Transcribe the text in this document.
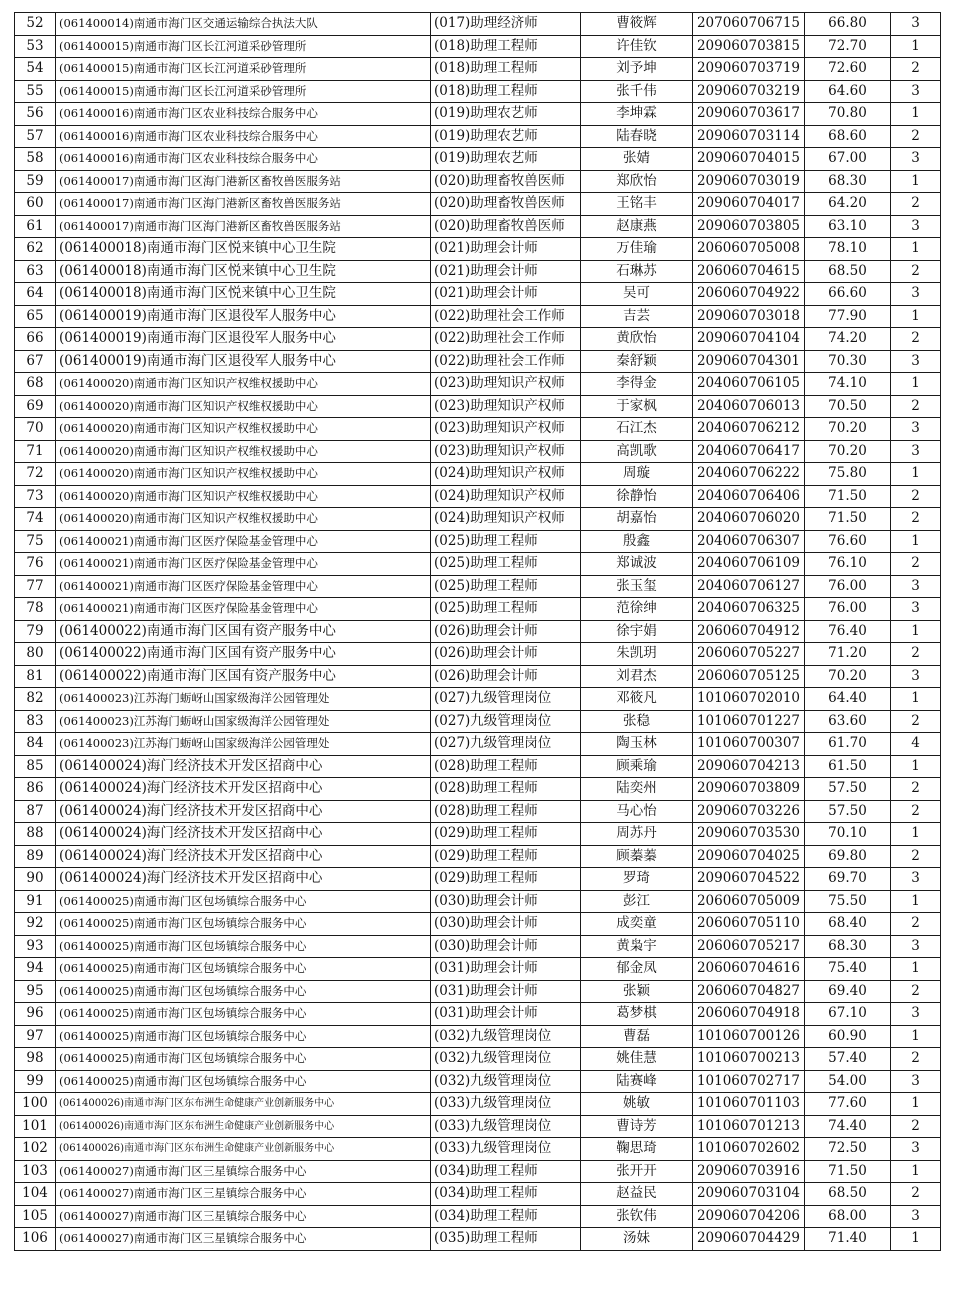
52	(061400014)南通市海门区交通运输综合执法大队	(017)助理经济师	曹筱辉	207060706715	66.80	3
53	(061400015)南通市海门区长江河道采砂管理所	(018)助理工程师	许佳钦	209060703815	72.70	1
54	(061400015)南通市海门区长江河道采砂管理所	(018)助理工程师	刘予坤	209060703719	72.60	2
55	(061400015)南通市海门区长江河道采砂管理所	(018)助理工程师	张千伟	209060703219	64.60	3
56	(061400016)南通市海门区农业科技综合服务中心	(019)助理农艺师	李坤霖	209060703617	70.80	1
57	(061400016)南通市海门区农业科技综合服务中心	(019)助理农艺师	陆春晓	209060703114	68.60	2
58	(061400016)南通市海门区农业科技综合服务中心	(019)助理农艺师	张婧	209060704015	67.00	3
59	(061400017)南通市海门区海门港新区畜牧兽医服务站	(020)助理畜牧兽医师	郑欣怡	209060703019	68.30	1
60	(061400017)南通市海门区海门港新区畜牧兽医服务站	(020)助理畜牧兽医师	王铭丰	209060704017	64.20	2
61	(061400017)南通市海门区海门港新区畜牧兽医服务站	(020)助理畜牧兽医师	赵康燕	209060703805	63.10	3
62	(061400018)南通市海门区悦来镇中心卫生院	(021)助理会计师	万佳瑜	206060705008	78.10	1
63	(061400018)南通市海门区悦来镇中心卫生院	(021)助理会计师	石琳苏	206060704615	68.50	2
64	(061400018)南通市海门区悦来镇中心卫生院	(021)助理会计师	吴可	206060704922	66.60	3
65	(061400019)南通市海门区退役军人服务中心	(022)助理社会工作师	吉芸	209060703018	77.90	1
66	(061400019)南通市海门区退役军人服务中心	(022)助理社会工作师	黄欣怡	209060704104	74.20	2
67	(061400019)南通市海门区退役军人服务中心	(022)助理社会工作师	秦舒颖	209060704301	70.30	3
68	(061400020)南通市海门区知识产权维权援助中心	(023)助理知识产权师	李得金	204060706105	74.10	1
69	(061400020)南通市海门区知识产权维权援助中心	(023)助理知识产权师	于家枫	204060706013	70.50	2
70	(061400020)南通市海门区知识产权维权援助中心	(023)助理知识产权师	石江杰	204060706212	70.20	3
71	(061400020)南通市海门区知识产权维权援助中心	(023)助理知识产权师	高凯歌	204060706417	70.20	3
72	(061400020)南通市海门区知识产权维权援助中心	(024)助理知识产权师	周璇	204060706222	75.80	1
73	(061400020)南通市海门区知识产权维权援助中心	(024)助理知识产权师	徐静怡	204060706406	71.50	2
74	(061400020)南通市海门区知识产权维权援助中心	(024)助理知识产权师	胡嘉怡	204060706020	71.50	2
75	(061400021)南通市海门区医疗保险基金管理中心	(025)助理工程师	殷鑫	204060706307	76.60	1
76	(061400021)南通市海门区医疗保险基金管理中心	(025)助理工程师	郑诚波	204060706109	76.10	2
77	(061400021)南通市海门区医疗保险基金管理中心	(025)助理工程师	张玉玺	204060706127	76.00	3
78	(061400021)南通市海门区医疗保险基金管理中心	(025)助理工程师	范徐绅	204060706325	76.00	3
79	(061400022)南通市海门区国有资产服务中心	(026)助理会计师	徐宇娟	206060704912	76.40	1
80	(061400022)南通市海门区国有资产服务中心	(026)助理会计师	朱凯玥	206060705227	71.20	2
81	(061400022)南通市海门区国有资产服务中心	(026)助理会计师	刘君杰	206060705125	70.20	3
82	(061400023)江苏海门蛎岈山国家级海洋公园管理处	(027)九级管理岗位	邓筱凡	101060702010	64.40	1
83	(061400023)江苏海门蛎岈山国家级海洋公园管理处	(027)九级管理岗位	张稳	101060701227	63.60	2
84	(061400023)江苏海门蛎岈山国家级海洋公园管理处	(027)九级管理岗位	陶玉林	101060700307	61.70	4
85	(061400024)海门经济技术开发区招商中心	(028)助理工程师	顾乘瑜	209060704213	61.50	1
86	(061400024)海门经济技术开发区招商中心	(028)助理工程师	陆奕州	209060703809	57.50	2
87	(061400024)海门经济技术开发区招商中心	(028)助理工程师	马心怡	209060703226	57.50	2
88	(061400024)海门经济技术开发区招商中心	(029)助理工程师	周苏丹	209060703530	70.10	1
89	(061400024)海门经济技术开发区招商中心	(029)助理工程师	顾蓁蓁	209060704025	69.80	2
90	(061400024)海门经济技术开发区招商中心	(029)助理工程师	罗琦	209060704522	69.70	3
91	(061400025)南通市海门区包场镇综合服务中心	(030)助理会计师	彭江	206060705009	75.50	1
92	(061400025)南通市海门区包场镇综合服务中心	(030)助理会计师	成奕童	206060705110	68.40	2
93	(061400025)南通市海门区包场镇综合服务中心	(030)助理会计师	黄枭宇	206060705217	68.30	3
94	(061400025)南通市海门区包场镇综合服务中心	(031)助理会计师	郁金凤	206060704616	75.40	1
95	(061400025)南通市海门区包场镇综合服务中心	(031)助理会计师	张颖	206060704827	69.40	2
96	(061400025)南通市海门区包场镇综合服务中心	(031)助理会计师	葛梦棋	206060704918	67.10	3
97	(061400025)南通市海门区包场镇综合服务中心	(032)九级管理岗位	曹磊	101060700126	60.90	1
98	(061400025)南通市海门区包场镇综合服务中心	(032)九级管理岗位	姚佳慧	101060700213	57.40	2
99	(061400025)南通市海门区包场镇综合服务中心	(032)九级管理岗位	陆赛峰	101060702717	54.00	3
100	(061400026)南通市海门区东布洲生命健康产业创新服务中心	(033)九级管理岗位	姚敏	101060701103	77.60	1
101	(061400026)南通市海门区东布洲生命健康产业创新服务中心	(033)九级管理岗位	曹诗芳	101060701213	74.40	2
102	(061400026)南通市海门区东布洲生命健康产业创新服务中心	(033)九级管理岗位	鞠思琦	101060702602	72.50	3
103	(061400027)南通市海门区三星镇综合服务中心	(034)助理工程师	张开开	209060703916	71.50	1
104	(061400027)南通市海门区三星镇综合服务中心	(034)助理工程师	赵益民	209060703104	68.50	2
105	(061400027)南通市海门区三星镇综合服务中心	(034)助理工程师	张钦伟	209060704206	68.00	3
106	(061400027)南通市海门区三星镇综合服务中心	(035)助理工程师	汤妹	209060704429	71.40	1
